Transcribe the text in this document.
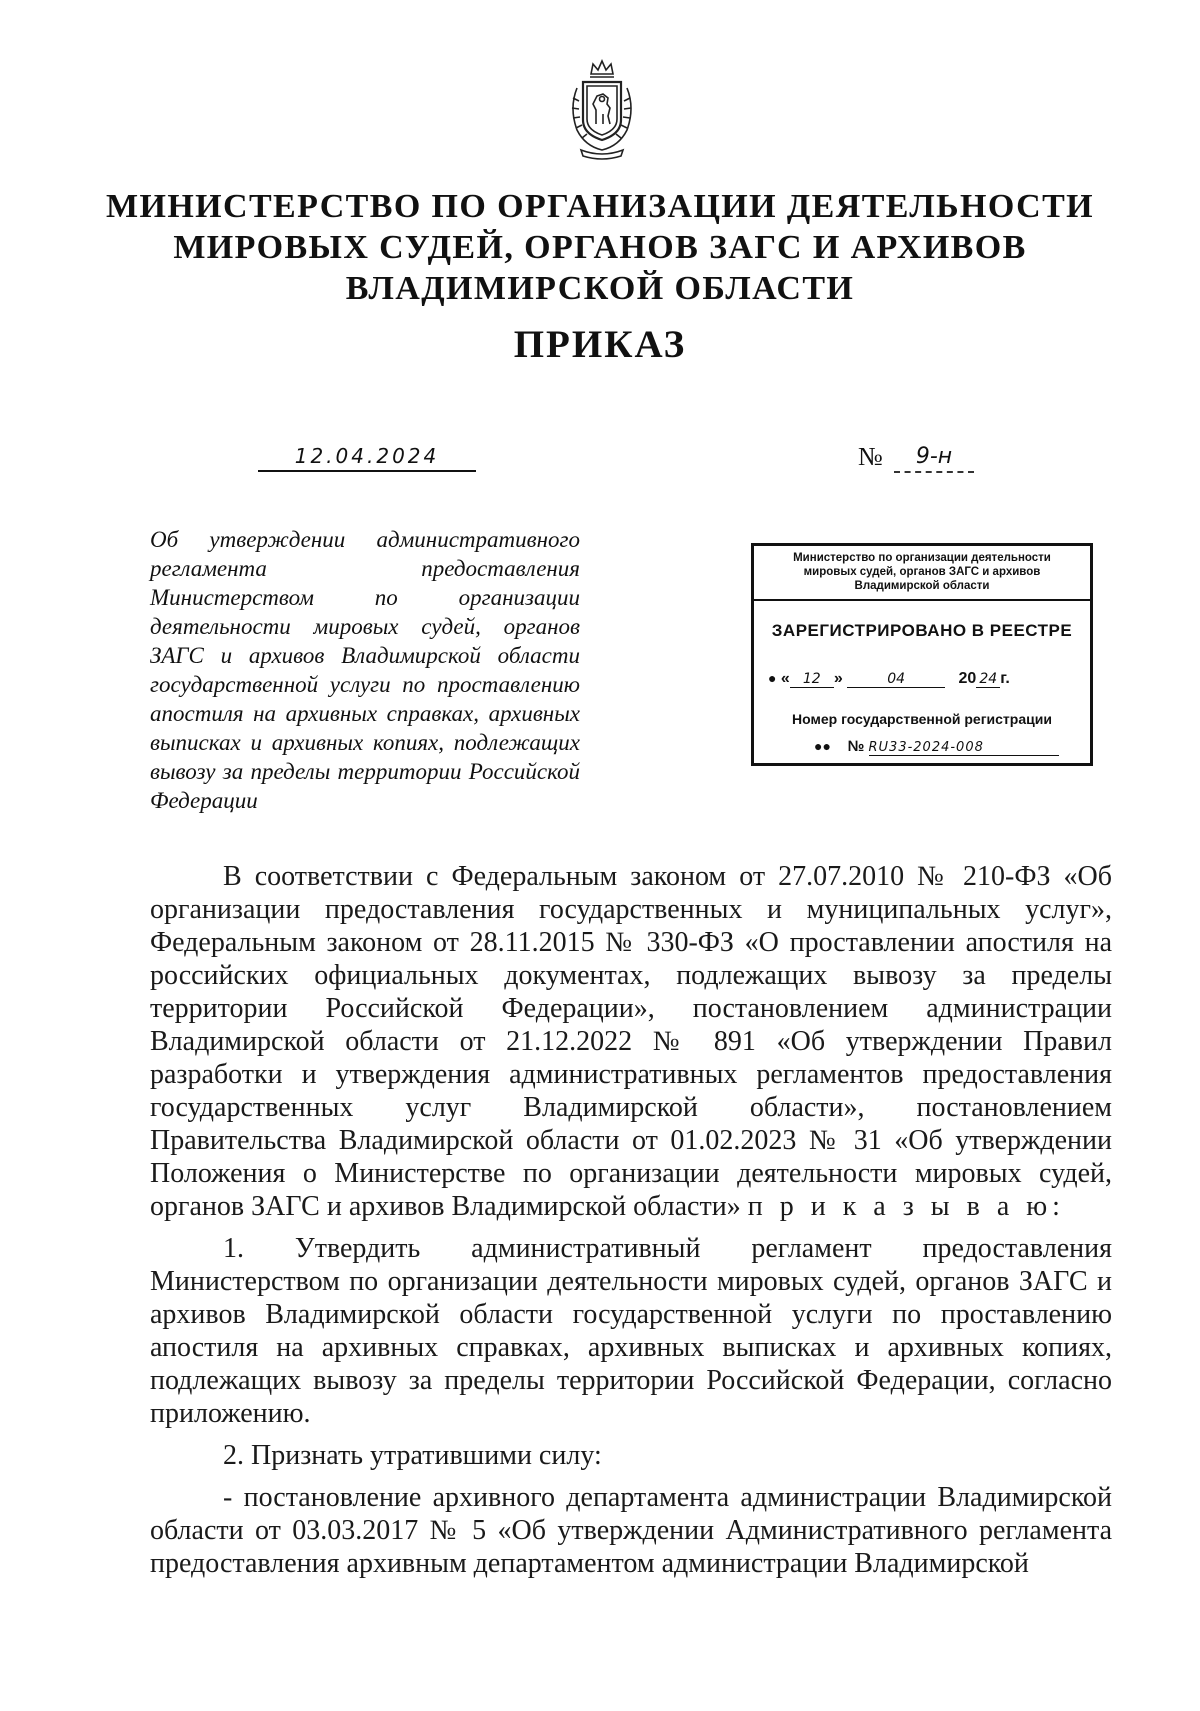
МИНИСТЕРСТВО ПО ОРГАНИЗАЦИИ ДЕЯТЕЛЬНОСТИ
МИРОВЫХ СУДЕЙ, ОРГАНОВ ЗАГС И АРХИВОВ
ВЛАДИМИРСКОЙ ОБЛАСТИ
ПРИКАЗ
12.04.2024	№	9-н
Об утверждении административного регламента предоставления Министерством по организации деятельности мировых судей, органов ЗАГС и архивов Владимирской области государственной услуги по проставлению апостиля на архивных справках, архивных выписках и архивных копиях, подлежащих вывозу за пределы территории Российской Федерации
Министерство по организации деятельности
мировых судей, органов ЗАГС и архивов
Владимирской области
ЗАРЕГИСТРИРОВАНО В РЕЕСТРЕ
● « 12 »	04	20 24 г.
Номер государственной регистрации
●● № RU33-2024-008

В соответствии с Федеральным законом от 27.07.2010 № 210-ФЗ «Об организации предоставления государственных и муниципальных услуг», Федеральным законом от 28.11.2015 № 330-ФЗ «О проставлении апостиля на российских официальных документах, подлежащих вывозу за пределы территории Российской Федерации», постановлением администрации Владимирской области от 21.12.2022 № 891 «Об утверждении Правил разработки и утверждения административных регламентов предоставления государственных услуг Владимирской области», постановлением Правительства Владимирской области от 01.02.2023 № 31 «Об утверждении Положения о Министерстве по организации деятельности мировых судей, органов ЗАГС и архивов Владимирской области» п р и к а з ы в а ю:

1. Утвердить административный регламент предоставления Министерством по организации деятельности мировых судей, органов ЗАГС и архивов Владимирской области государственной услуги по проставлению апостиля на архивных справках, архивных выписках и архивных копиях, подлежащих вывозу за пределы территории Российской Федерации, согласно приложению.

2. Признать утратившими силу:

- постановление архивного департамента администрации Владимирской области от 03.03.2017 № 5 «Об утверждении Административного регламента предоставления архивным департаментом администрации Владимирской
